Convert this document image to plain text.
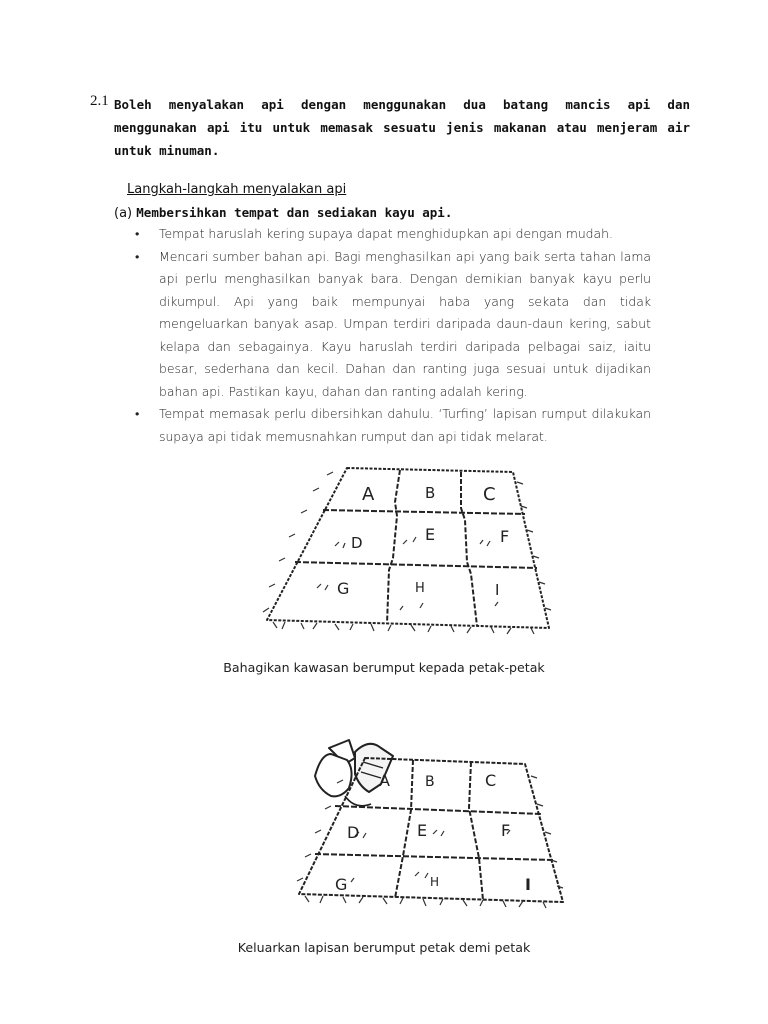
2.1 Boleh menyalakan api dengan menggunakan dua batang mancis api dan menggunakan api itu untuk memasak sesuatu jenis makanan atau menjeram air untuk minuman.
Langkah-langkah menyalakan api
(a) Membersihkan tempat dan sediakan kayu api.
• Tempat haruslah kering supaya dapat menghidupkan api dengan mudah.
• Mencari sumber bahan api. Bagi menghasilkan api yang baik serta tahan lama api perlu menghasilkan banyak bara. Dengan demikian banyak kayu perlu dikumpul. Api yang baik mempunyai haba yang sekata dan tidak mengeluarkan banyak asap. Umpan terdiri daripada daun-daun kering, sabut kelapa dan sebagainya. Kayu haruslah terdiri daripada pelbagai saiz, iaitu besar, sederhana dan kecil. Dahan dan ranting juga sesuai untuk dijadikan bahan api. Pastikan kayu, dahan dan ranting adalah kering.
• Tempat memasak perlu dibersihkan dahulu. ‘Turfing’ lapisan rumput dilakukan supaya api tidak memusnahkan rumput dan api tidak melarat.
A	B	C
D	E	F
G	H	I
Bahagikan kawasan berumput kepada petak-petak
A	B	C
D	E	F
G	H	I
Keluarkan lapisan berumput petak demi petak
